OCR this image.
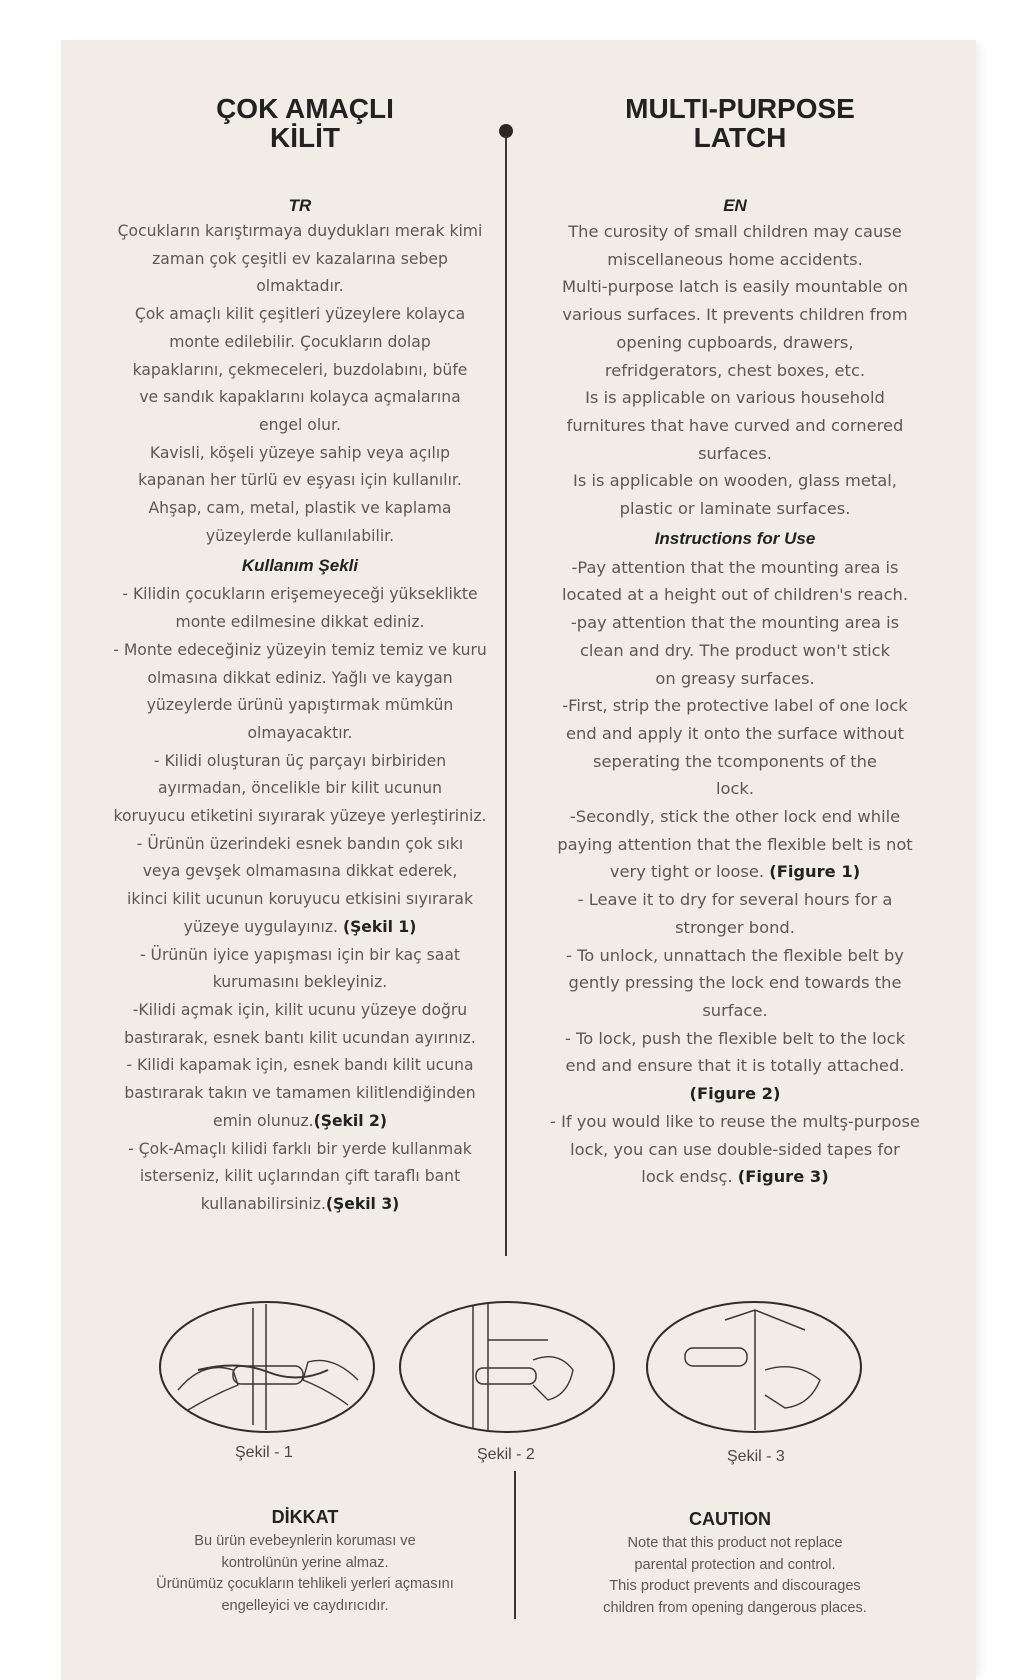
ÇOK AMAÇLI
KİLİT
MULTI-PURPOSE
LATCH

TR

Çocukların karıştırmaya duydukları merak kimi

zaman çok çeşitli ev kazalarına sebep

olmaktadır.

Çok amaçlı kilit çeşitleri yüzeylere kolayca

monte edilebilir. Çocukların dolap

kapaklarını, çekmeceleri, buzdolabını, büfe

ve sandık kapaklarını kolayca açmalarına

engel olur.

Kavisli, köşeli yüzeye sahip veya açılıp

kapanan her türlü ev eşyası için kullanılır.

Ahşap, cam, metal, plastik ve kaplama

yüzeylerde kullanılabilir.

Kullanım Şekli

- Kilidin çocukların erişemeyeceği yükseklikte

monte edilmesine dikkat ediniz.

- Monte edeceğiniz yüzeyin temiz temiz ve kuru

olmasına dikkat ediniz. Yağlı ve kaygan

yüzeylerde ürünü yapıştırmak mümkün

olmayacaktır.

- Kilidi oluşturan üç parçayı birbiriden

ayırmadan, öncelikle bir kilit ucunun

koruyucu etiketini sıyırarak yüzeye yerleştiriniz.

- Ürünün üzerindeki esnek bandın çok sıkı

veya gevşek olmamasına dikkat ederek,

ikinci kilit ucunun koruyucu etkisini sıyırarak

yüzeye uygulayınız. (Şekil 1)

- Ürünün iyice yapışması için bir kaç saat

kurumasını bekleyiniz.

-Kilidi açmak için, kilit ucunu yüzeye doğru

bastırarak, esnek bantı kilit ucundan ayırınız.

- Kilidi kapamak için, esnek bandı kilit ucuna

bastırarak takın ve tamamen kilitlendiğinden

emin olunuz.(Şekil 2)

- Çok-Amaçlı kilidi farklı bir yerde kullanmak

isterseniz, kilit uçlarından çift taraflı bant

kullanabilirsiniz.(Şekil 3)

EN

The curosity of small children may cause

miscellaneous home accidents.

Multi-purpose latch is easily mountable on

various surfaces. It prevents children from

opening cupboards, drawers,

refridgerators, chest boxes, etc.

Is is applicable on various household

furnitures that have curved and cornered

surfaces.

Is is applicable on wooden, glass metal,

plastic or laminate surfaces.

Instructions for Use

-Pay attention that the mounting area is

located at a height out of children's reach.

-pay attention that the mounting area is

clean and dry. The product won't stick

on greasy surfaces.

-First, strip the protective label of one lock

end and apply it onto the surface without

seperating the tcomponents of the

lock.

-Secondly, stick the other lock end while

paying attention that the flexible belt is not

very tight or loose. (Figure 1)

- Leave it to dry for several hours for a

stronger bond.

- To unlock, unnattach the flexible belt by

gently pressing the lock end towards the

surface.

- To lock, push the flexible belt to the lock

end and ensure that it is totally attached.

(Figure 2)

- If you would like to reuse the multş-purpose

lock, you can use double-sided tapes for

lock endsç. (Figure 3)

Şekil - 1	Şekil - 2	Şekil - 3
DİKKAT
Bu ürün evebeynlerin koruması ve
kontrolünün yerine almaz.
Ürünümüz çocukların tehlikeli yerleri açmasını
engelleyici ve caydırıcıdır.
CAUTION
Note that this product not replace
parental protection and control.
This product prevents and discourages
children from opening dangerous places.
